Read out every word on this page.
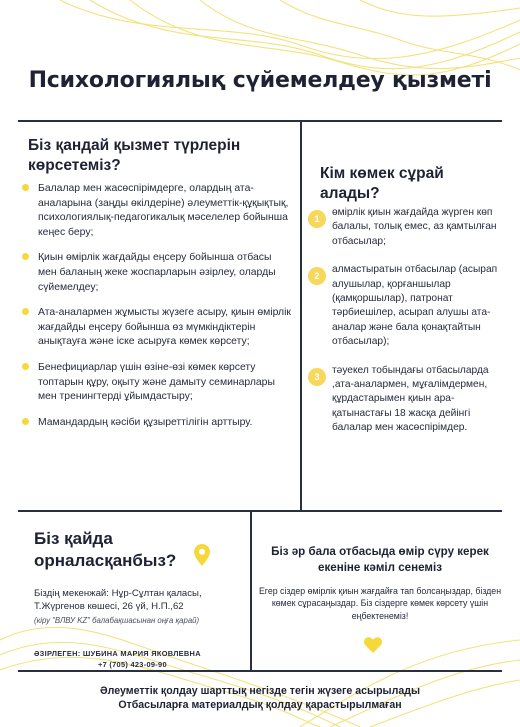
Психологиялық сүйемелдеу қызметі
Біз қандай қызмет түрлерін көрсетеміз?
Балалар мен жасөспірімдерге, олардың ата-аналарына (заңды өкілдеріне) әлеуметтік-құқықтық, психологиялық-педагогикалық мәселелер бойынша кеңес беру;
Қиын өмірлік жағдайды еңсеру бойынша отбасы мен баланың жеке жоспарларын әзірлеу, оларды сүйемелдеу;
Ата-аналармен жұмысты жүзеге асыру, қиын өмірлік жағдайды еңсеру бойынша өз мүмкіндіктерін анықтауға және іске асыруға көмек көрсету;
Бенефициарлар үшін өзіне-өзі көмек көрсету топтарын құру, оқыту және дамыту семинарлары мен тренингтерді ұйымдастыру;
Мамандардың кәсіби құзыреттілігін арттыру.
Кім көмек сұрай алады?
1
өмірлік қиын жағдайда жүрген көп балалы, толық емес, аз қамтылған отбасылар;
2
алмастыратын отбасылар (асырап алушылар, қорғаншылар (қамқоршылар), патронат тәрбиешілер, асырап алушы ата-аналар және бала қонақтайтын отбасылар);
3
тәуекел тобындағы отбасыларда ,ата-аналармен, мұғалімдермен, құрдастарымен қиын ара-қатынастағы 18 жасқа дейінгі балалар мен жасөспірімдер.
Біз қайда орналасқанбыз?
Біздің мекенжай: Нұр-Сұлтан қаласы,
Т.Жүргенов көшесі, 26 үй, Н.П.,62
(кіру "ВЛВУ KZ" балабақшасынан оңға қарай)
ӘЗІРЛЕГЕН: ШУБИНА МАРИЯ ЯКОВЛЕВНА
+7 (705) 423-09-90
Біз әр бала отбасыда өмір сүру керек екеніне кәміл сенеміз
Егер сіздер өмірлік қиын жағдайға тап болсаңыздар, бізден көмек сұрасаңыздар. Біз сіздерге көмек көрсету үшін еңбектенеміз!
Әлеуметтік қолдау шарттық негізде тегін жүзеге асырылады
Отбасыларға материалдық қолдау қарастырылмаған
